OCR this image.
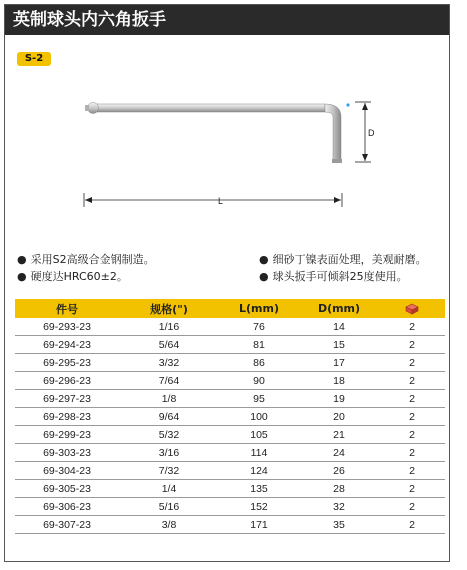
英制球头内六角扳手
S-2
D
L
● 采用S2高级合金钢制造。
● 硬度达HRC60±2。
● 细砂丁镍表面处理，美观耐磨。
● 球头扳手可倾斜25度使用。
件号	规格(")	L(mm)	D(mm)	
69-293-23	1/16	76	14	2
69-294-23	5/64	81	15	2
69-295-23	3/32	86	17	2
69-296-23	7/64	90	18	2
69-297-23	1/8	95	19	2
69-298-23	9/64	100	20	2
69-299-23	5/32	105	21	2
69-303-23	3/16	114	24	2
69-304-23	7/32	124	26	2
69-305-23	1/4	135	28	2
69-306-23	5/16	152	32	2
69-307-23	3/8	171	35	2
